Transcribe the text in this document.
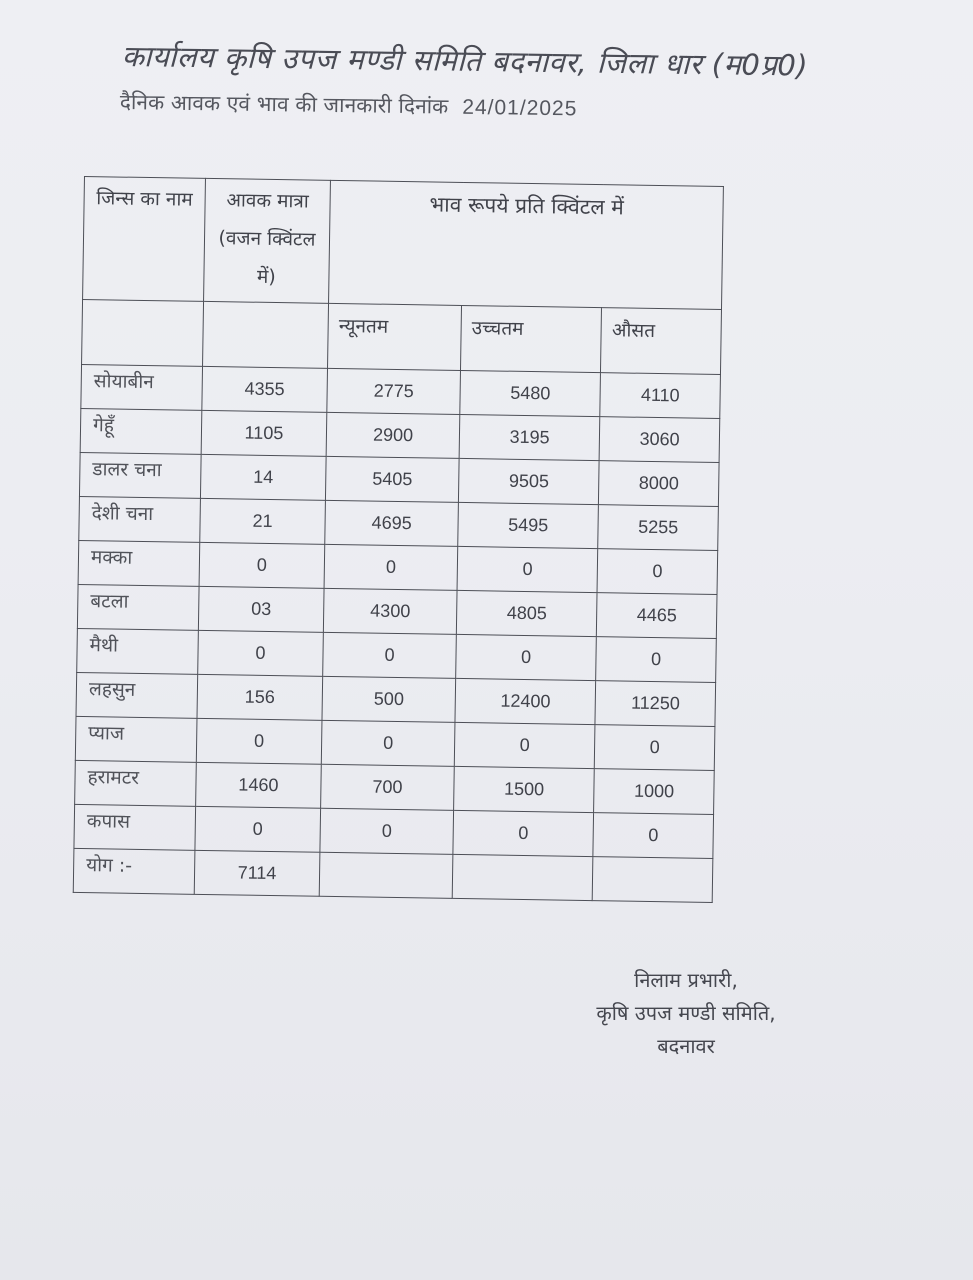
कार्यालय कृषि उपज मण्डी समिति बदनावर, जिला धार (म0प्र0)
दैनिक आवक एवं भाव की जानकारी दिनांक 24/01/2025
जिन्स का नाम	आवक मात्रा (वजन क्विंटल में)	भाव रूपये प्रति क्विंटल में		
		न्यूनतम	उच्चतम	औसत
सोयाबीन	4355	2775	5480	4110
गेहूँ	1105	2900	3195	3060
डालर चना	14	5405	9505	8000
देशी चना	21	4695	5495	5255
मक्का	0	0	0	0
बटला	03	4300	4805	4465
मैथी	0	0	0	0
लहसुन	156	500	12400	11250
प्याज	0	0	0	0
हरामटर	1460	700	1500	1000
कपास	0	0	0	0
योग :-	7114			
निलाम प्रभारी,
कृषि उपज मण्डी समिति,
बदनावर
